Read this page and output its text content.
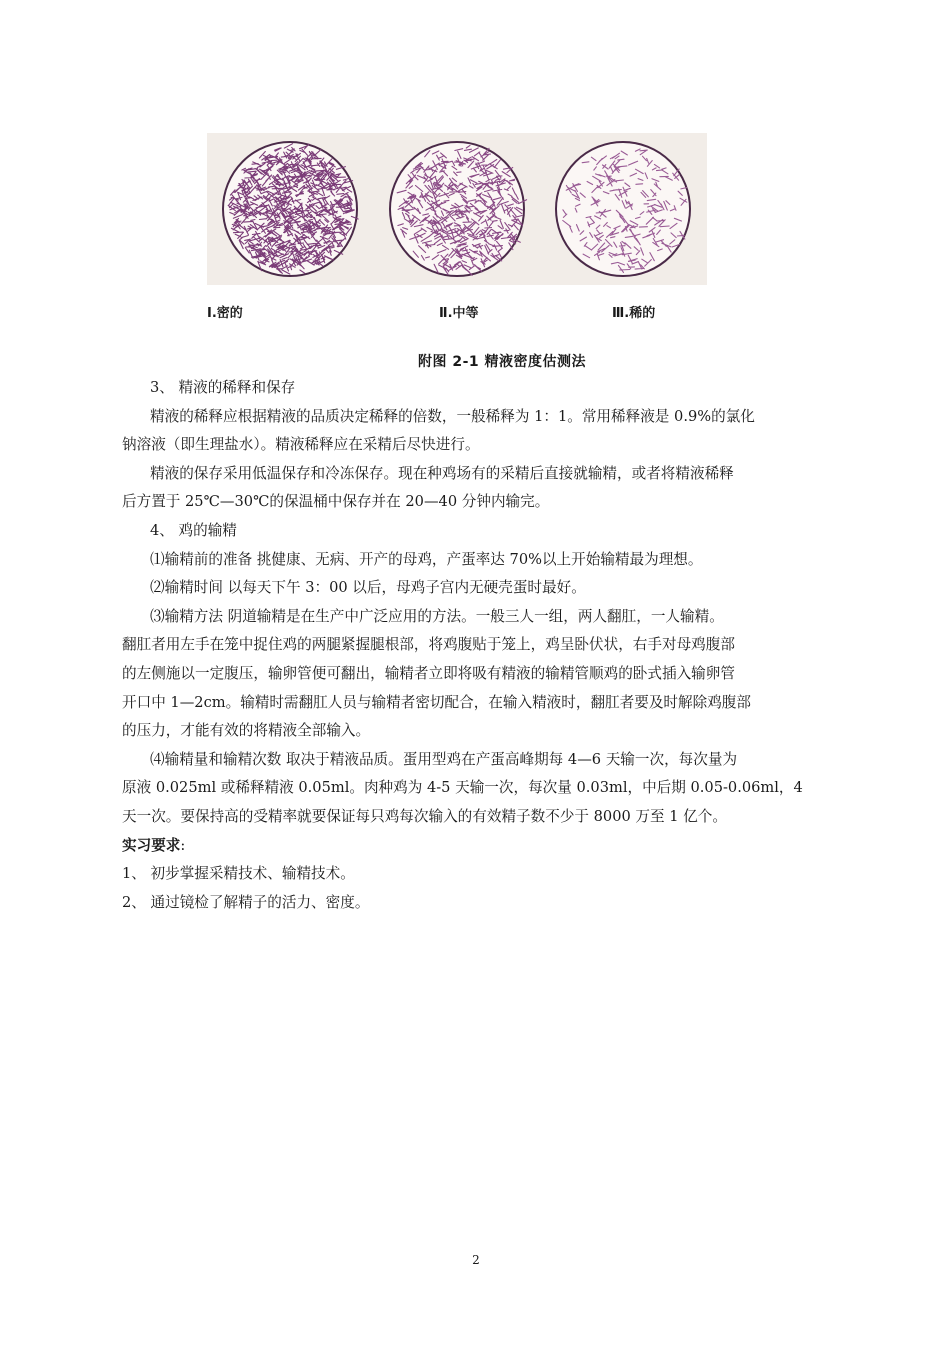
Ⅰ.密的	Ⅱ.中等	Ⅲ.稀的
附图 2-1 精液密度估测法
3、 精液的稀释和保存
精液的稀释应根据精液的品质决定稀释的倍数，一般稀释为 1：1。常用稀释液是 0.9%的氯化
钠溶液（即生理盐水）。精液稀释应在采精后尽快进行。
精液的保存采用低温保存和冷冻保存。现在种鸡场有的采精后直接就输精，或者将精液稀释
后方置于 25℃—30℃的保温桶中保存并在 20—40 分钟内输完。
4、 鸡的输精
⑴输精前的准备 挑健康、无病、开产的母鸡，产蛋率达 70%以上开始输精最为理想。
⑵输精时间 以每天下午 3：00 以后，母鸡子宫内无硬壳蛋时最好。
⑶输精方法 阴道输精是在生产中广泛应用的方法。一般三人一组，两人翻肛，一人输精。
翻肛者用左手在笼中捉住鸡的两腿紧握腿根部，将鸡腹贴于笼上，鸡呈卧伏状，右手对母鸡腹部
的左侧施以一定腹压，输卵管便可翻出，输精者立即将吸有精液的输精管顺鸡的卧式插入输卵管
开口中 1—2cm。输精时需翻肛人员与输精者密切配合，在输入精液时，翻肛者要及时解除鸡腹部
的压力，才能有效的将精液全部输入。
⑷输精量和输精次数 取决于精液品质。蛋用型鸡在产蛋高峰期每 4—6 天输一次，每次量为
原液 0.025ml 或稀释精液 0.05ml。肉种鸡为 4-5 天输一次，每次量 0.03ml，中后期 0.05-0.06ml，4
天一次。要保持高的受精率就要保证每只鸡每次输入的有效精子数不少于 8000 万至 1 亿个。
实习要求:
1、 初步掌握采精技术、输精技术。
2、 通过镜检了解精子的活力、密度。
2
